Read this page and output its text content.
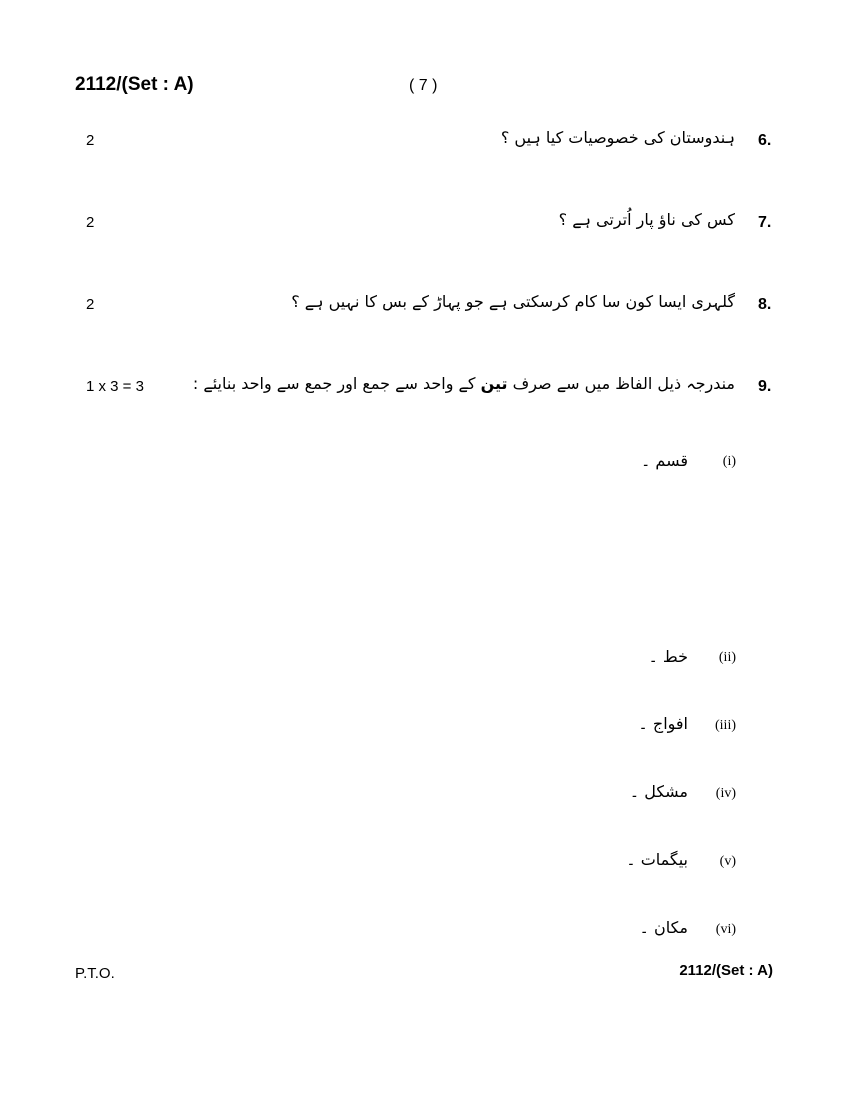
2112/(Set : A)	( 7 )
2	ہندوستان کی خصوصیات کیا ہیں ؟ 6.
2	کس کی ناؤ پار اُترتی ہے ؟ 7.
2	گلہری ایسا کون سا کام کرسکتی ہے جو پہاڑ کے بس کا نہیں ہے ؟ 8.
1 x 3 = 3	مندرجہ ذیل الفاظ میں سے صرف تین کے واحد سے جمع اور جمع سے واحد بنایئے :	9.
(i)
قسم ۔
(ii)
خط ۔
(iii)
افواج ۔
(iv)
مشکل ۔
(v)
بیگمات ۔
(vi)
مکان ۔
P.T.O.	2112/(Set : A)
